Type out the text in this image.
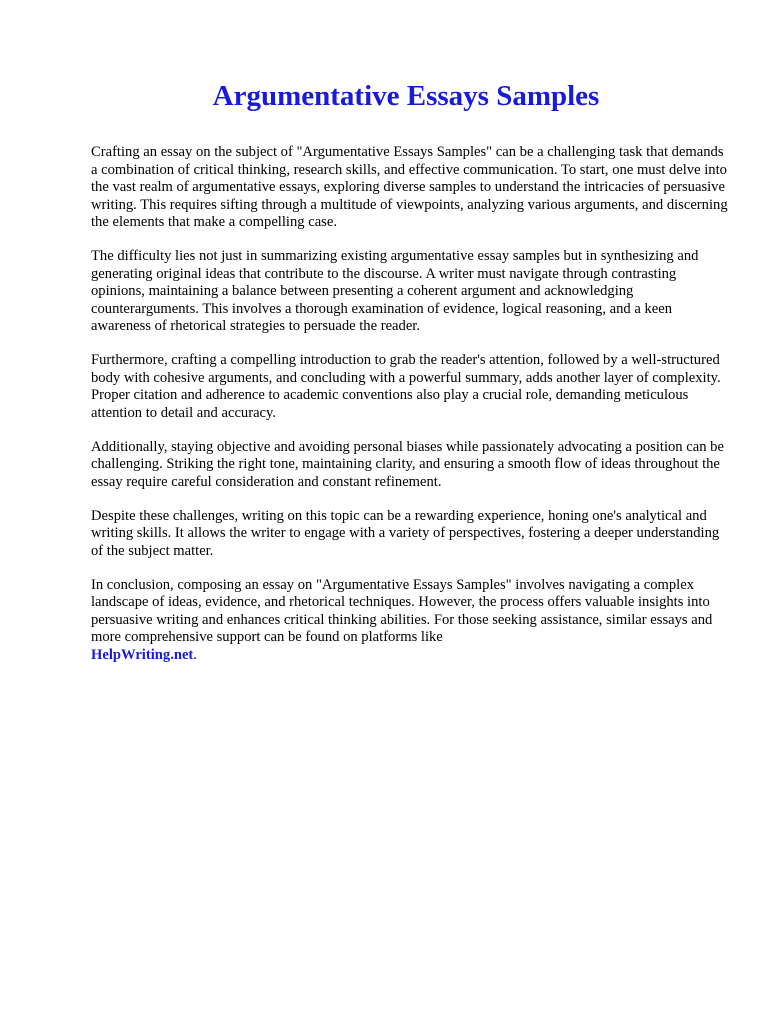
Argumentative Essays Samples

Crafting an essay on the subject of "Argumentative Essays Samples" can be a challenging task that demands a combination of critical thinking, research skills, and effective communication. To start, one must delve into the vast realm of argumentative essays, exploring diverse samples to understand the intricacies of persuasive writing. This requires sifting through a multitude of viewpoints, analyzing various arguments, and discerning the elements that make a compelling case.

The difficulty lies not just in summarizing existing argumentative essay samples but in synthesizing and generating original ideas that contribute to the discourse. A writer must navigate through contrasting opinions, maintaining a balance between presenting a coherent argument and acknowledging counterarguments. This involves a thorough examination of evidence, logical reasoning, and a keen awareness of rhetorical strategies to persuade the reader.

Furthermore, crafting a compelling introduction to grab the reader's attention, followed by a well-structured body with cohesive arguments, and concluding with a powerful summary, adds another layer of complexity. Proper citation and adherence to academic conventions also play a crucial role, demanding meticulous attention to detail and accuracy.

Additionally, staying objective and avoiding personal biases while passionately advocating a position can be challenging. Striking the right tone, maintaining clarity, and ensuring a smooth flow of ideas throughout the essay require careful consideration and constant refinement.

Despite these challenges, writing on this topic can be a rewarding experience, honing one's analytical and writing skills. It allows the writer to engage with a variety of perspectives, fostering a deeper understanding of the subject matter.

In conclusion, composing an essay on "Argumentative Essays Samples" involves navigating a complex landscape of ideas, evidence, and rhetorical techniques. However, the process offers valuable insights into persuasive writing and enhances critical thinking abilities. For those seeking assistance, similar essays and more comprehensive support can be found on platforms like
HelpWriting.net.
